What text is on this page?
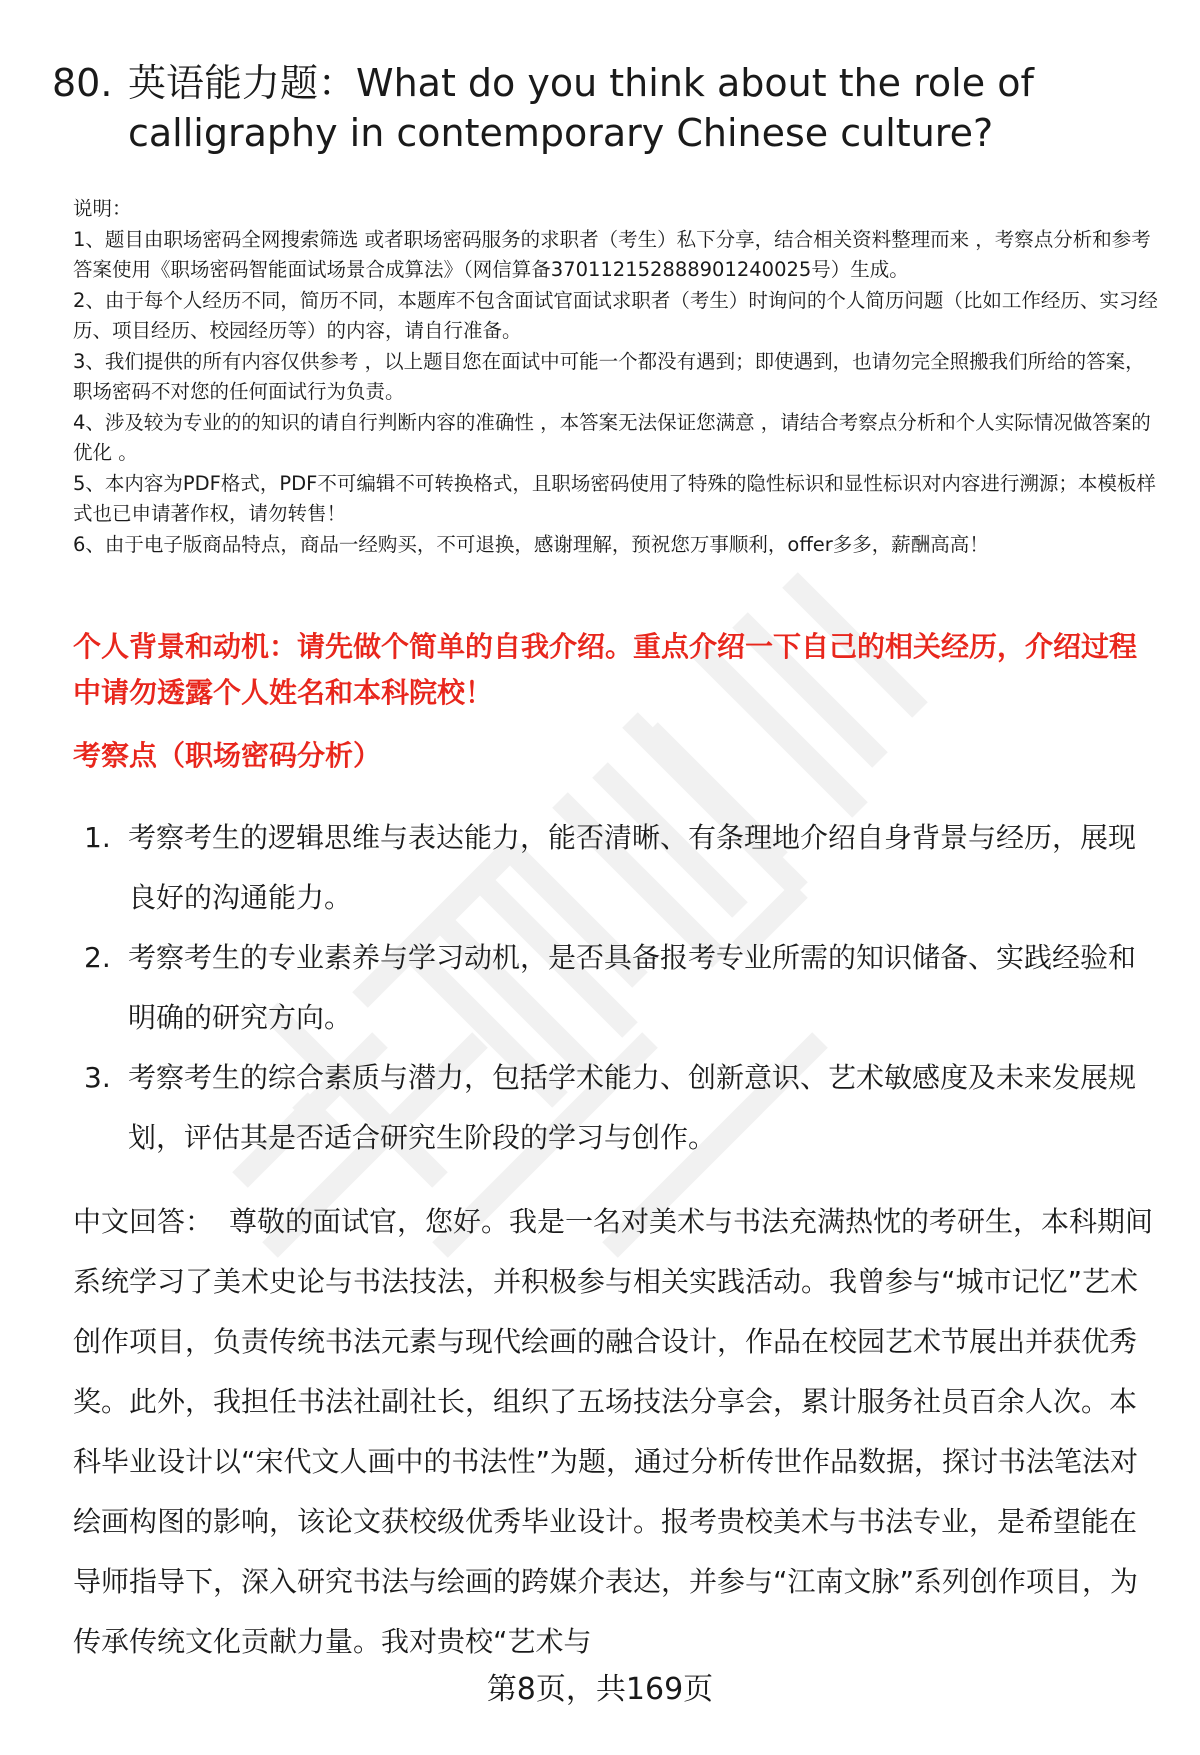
80. 英语能力题：What do you think about the role of calligraphy in contemporary Chinese culture?

说明：

1、题目由职场密码全网搜索筛选 或者职场密码服务的求职者（考生）私下分享，结合相关资料整理而来 ，考察点分析和参考答案使用《职场密码智能面试场景合成算法》（网信算备370112152888901240025号）生成。

2、由于每个人经历不同，简历不同，本题库不包含面试官面试求职者（考生）时询问的个人简历问题（比如工作经历、实习经历、项目经历、校园经历等）的内容，请自行准备。

3、我们提供的所有内容仅供参考 ，以上题目您在面试中可能一个都没有遇到；即使遇到，也请勿完全照搬我们所给的答案，职场密码不对您的任何面试行为负责。

4、涉及较为专业的的知识的请自行判断内容的准确性 ，本答案无法保证您满意 ，请结合考察点分析和个人实际情况做答案的优化 。

5、本内容为PDF格式，PDF不可编辑不可转换格式，且职场密码使用了特殊的隐性标识和显性标识对内容进行溯源；本模板样式也已申请著作权，请勿转售！

6、由于电子版商品特点，商品一经购买，不可退换，感谢理解，预祝您万事顺利，offer多多，薪酬高高！

个人背景和动机：请先做个简单的自我介绍。重点介绍一下自己的相关经历，介绍过程中请勿透露个人姓名和本科院校！
考察点（职场密码分析）
1. 考察考生的逻辑思维与表达能力，能否清晰、有条理地介绍自身背景与经历，展现良好的沟通能力。
2. 考察考生的专业素养与学习动机，是否具备报考专业所需的知识储备、实践经验和明确的研究方向。
3. 考察考生的综合素质与潜力，包括学术能力、创新意识、艺术敏感度及未来发展规划，评估其是否适合研究生阶段的学习与创作。
中文回答： 尊敬的面试官，您好。我是一名对美术与书法充满热忱的考研生，本科期间系统学习了美术史论与书法技法，并积极参与相关实践活动。我曾参与“城市记忆”艺术创作项目，负责传统书法元素与现代绘画的融合设计，作品在校园艺术节展出并获优秀奖。此外，我担任书法社副社长，组织了五场技法分享会，累计服务社员百余人次。本科毕业设计以“宋代文人画中的书法性”为题，通过分析传世作品数据，探讨书法笔法对绘画构图的影响，该论文获校级优秀毕业设计。报考贵校美术与书法专业，是希望能在导师指导下，深入研究书法与绘画的跨媒介表达，并参与“江南文脉”系列创作项目，为传承传统文化贡献力量。我对贵校“艺术与
第8页，共169页
